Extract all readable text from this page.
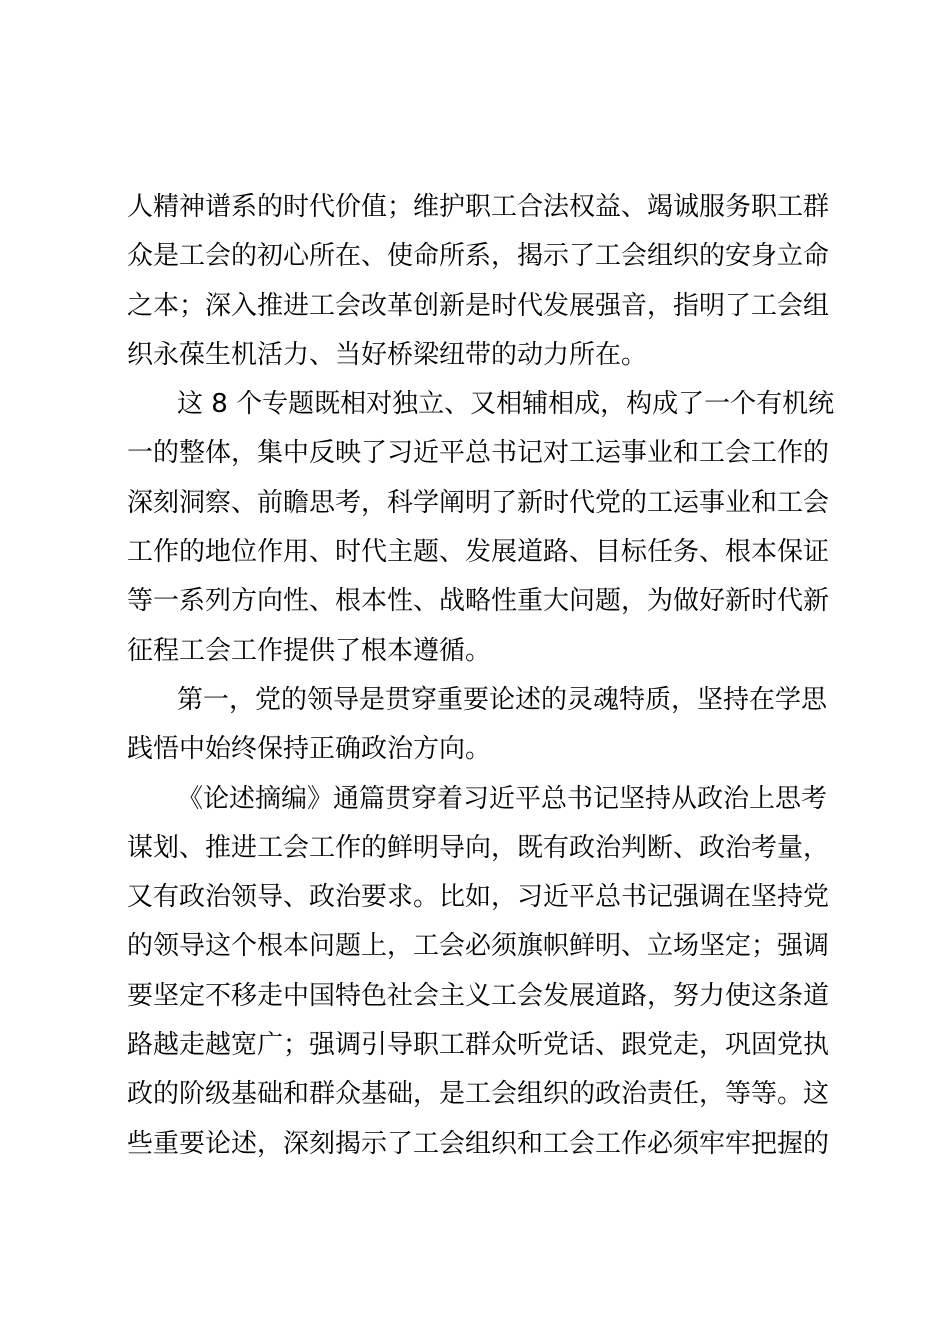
人精神谱系的时代价值；维护职工合法权益、竭诚服务职工群
众是工会的初心所在、使命所系，揭示了工会组织的安身立命
之本；深入推进工会改革创新是时代发展强音，指明了工会组
织永葆生机活力、当好桥梁纽带的动力所在。
这 8 个专题既相对独立、又相辅相成，构成了一个有机统
一的整体，集中反映了习近平总书记对工运事业和工会工作的
深刻洞察、前瞻思考，科学阐明了新时代党的工运事业和工会
工作的地位作用、时代主题、发展道路、目标任务、根本保证
等一系列方向性、根本性、战略性重大问题，为做好新时代新
征程工会工作提供了根本遵循。
第一，党的领导是贯穿重要论述的灵魂特质，坚持在学思
践悟中始终保持正确政治方向。
《论述摘编》通篇贯穿着习近平总书记坚持从政治上思考
谋划、推进工会工作的鲜明导向，既有政治判断、政治考量，
又有政治领导、政治要求。比如，习近平总书记强调在坚持党
的领导这个根本问题上，工会必须旗帜鲜明、立场坚定；强调
要坚定不移走中国特色社会主义工会发展道路，努力使这条道
路越走越宽广；强调引导职工群众听党话、跟党走，巩固党执
政的阶级基础和群众基础，是工会组织的政治责任，等等。这
些重要论述，深刻揭示了工会组织和工会工作必须牢牢把握的
